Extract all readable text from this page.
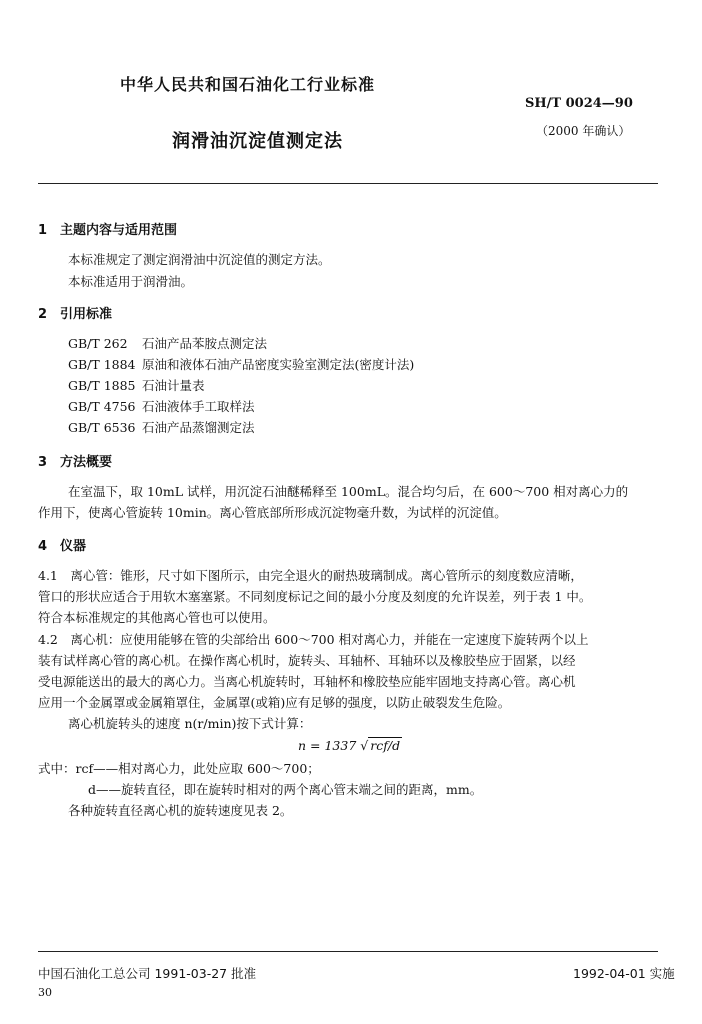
中华人民共和国石油化工行业标准
SH/T 0024—90
润滑油沉淀值测定法	（2000 年确认）
1 主题内容与适用范围
本标准规定了测定润滑油中沉淀值的测定方法。
本标准适用于润滑油。
2 引用标准
GB/T 262 石油产品苯胺点测定法
GB/T 1884 原油和液体石油产品密度实验室测定法(密度计法)
GB/T 1885 石油计量表
GB/T 4756 石油液体手工取样法
GB/T 6536 石油产品蒸馏测定法
3 方法概要
在室温下，取 10mL 试样，用沉淀石油醚稀释至 100mL。混合均匀后，在 600～700 相对离心力的
作用下，使离心管旋转 10min。离心管底部所形成沉淀物毫升数，为试样的沉淀值。
4 仪器
4.1　离心管：锥形，尺寸如下图所示，由完全退火的耐热玻璃制成。离心管所示的刻度数应清晰，
管口的形状应适合于用软木塞塞紧。不同刻度标记之间的最小分度及刻度的允许误差，列于表 1 中。
符合本标准规定的其他离心管也可以使用。
4.2　离心机：应使用能够在管的尖部给出 600～700 相对离心力，并能在一定速度下旋转两个以上
装有试样离心管的离心机。在操作离心机时，旋转头、耳轴杯、耳轴环以及橡胶垫应于固紧，以经
受电源能送出的最大的离心力。当离心机旋转时，耳轴杯和橡胶垫应能牢固地支持离心管。离心机
应用一个金属罩或金属箱罩住，金属罩(或箱)应有足够的强度，以防止破裂发生危险。
离心机旋转头的速度 n(r/min)按下式计算：
n = 1337 √ rcf/d
式中：rcf——相对离心力，此处应取 600～700；
d——旋转直径，即在旋转时相对的两个离心管末端之间的距离，mm。
各种旋转直径离心机的旋转速度见表 2。
中国石油化工总公司 1991-03-27 批准	1992-04-01 实施
30
